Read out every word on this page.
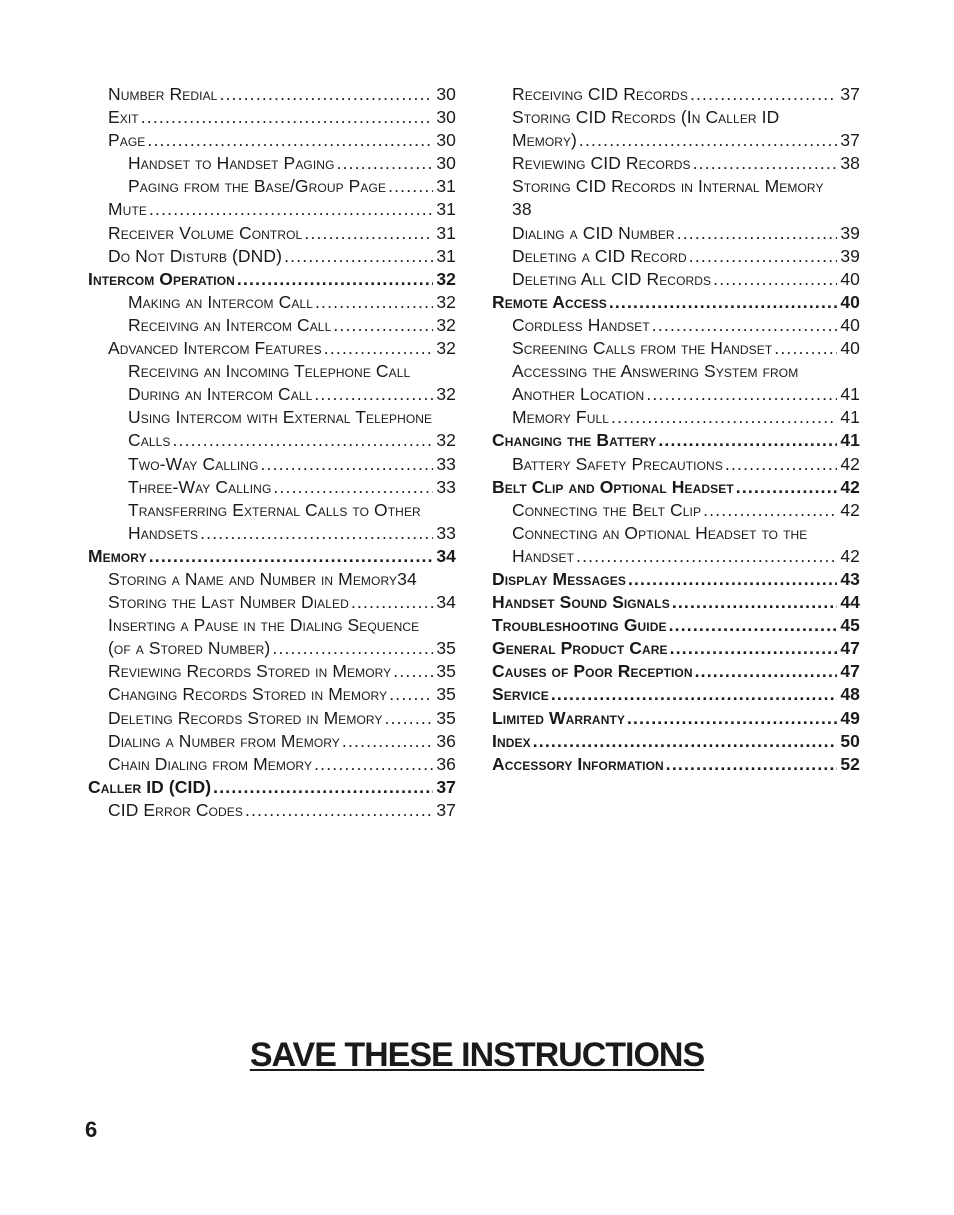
Number Redial .....	30
Exit .....	30
Page .....	30
Handset to Handset Paging .....	30
Paging from the Base/Group Page .....	31
Mute .....	31
Receiver Volume Control .....	31
Do Not Disturb (DND) .....	31
Intercom Operation .....	32
Making an Intercom Call .....	32
Receiving an Intercom Call .....	32
Advanced Intercom Features .....	32
Receiving an Incoming Telephone Call
During an Intercom Call .....	32
Using Intercom with External Telephone
Calls .....	32
Two-Way Calling .....	33
Three-Way Calling .....	33
Transferring External Calls to Other
Handsets .....	33
Memory .....	34
Storing a Name and Number in Memory 34
Storing the Last Number Dialed .....	34
Inserting a Pause in the Dialing Sequence
(of a Stored Number) .....	35
Reviewing Records Stored in Memory .....	35
Changing Records Stored in Memory .....	35
Deleting Records Stored in Memory .....	35
Dialing a Number from Memory .....	36
Chain Dialing from Memory .....	36
Caller ID (CID) .....	37
CID Error Codes .....	37
Receiving CID Records .....	37
Storing CID Records (In Caller ID
Memory) .....	37
Reviewing CID Records .....	38
Storing CID Records in Internal Memory
38
Dialing a CID Number .....	39
Deleting a CID Record .....	39
Deleting All CID Records .....	40
Remote Access .....	40
Cordless Handset .....	40
Screening Calls from the Handset .....	40
Accessing the Answering System from
Another Location .....	41
Memory Full .....	41
Changing the Battery .....	41
Battery Safety Precautions .....	42
Belt Clip and Optional Headset .....	42
Connecting the Belt Clip .....	42
Connecting an Optional Headset to the
Handset .....	42
Display Messages .....	43
Handset Sound Signals .....	44
Troubleshooting Guide .....	45
General Product Care .....	47
Causes of Poor Reception .....	47
Service .....	48
Limited Warranty .....	49
Index .....	50
Accessory Information .....	52
SAVE THESE INSTRUCTIONS
6
